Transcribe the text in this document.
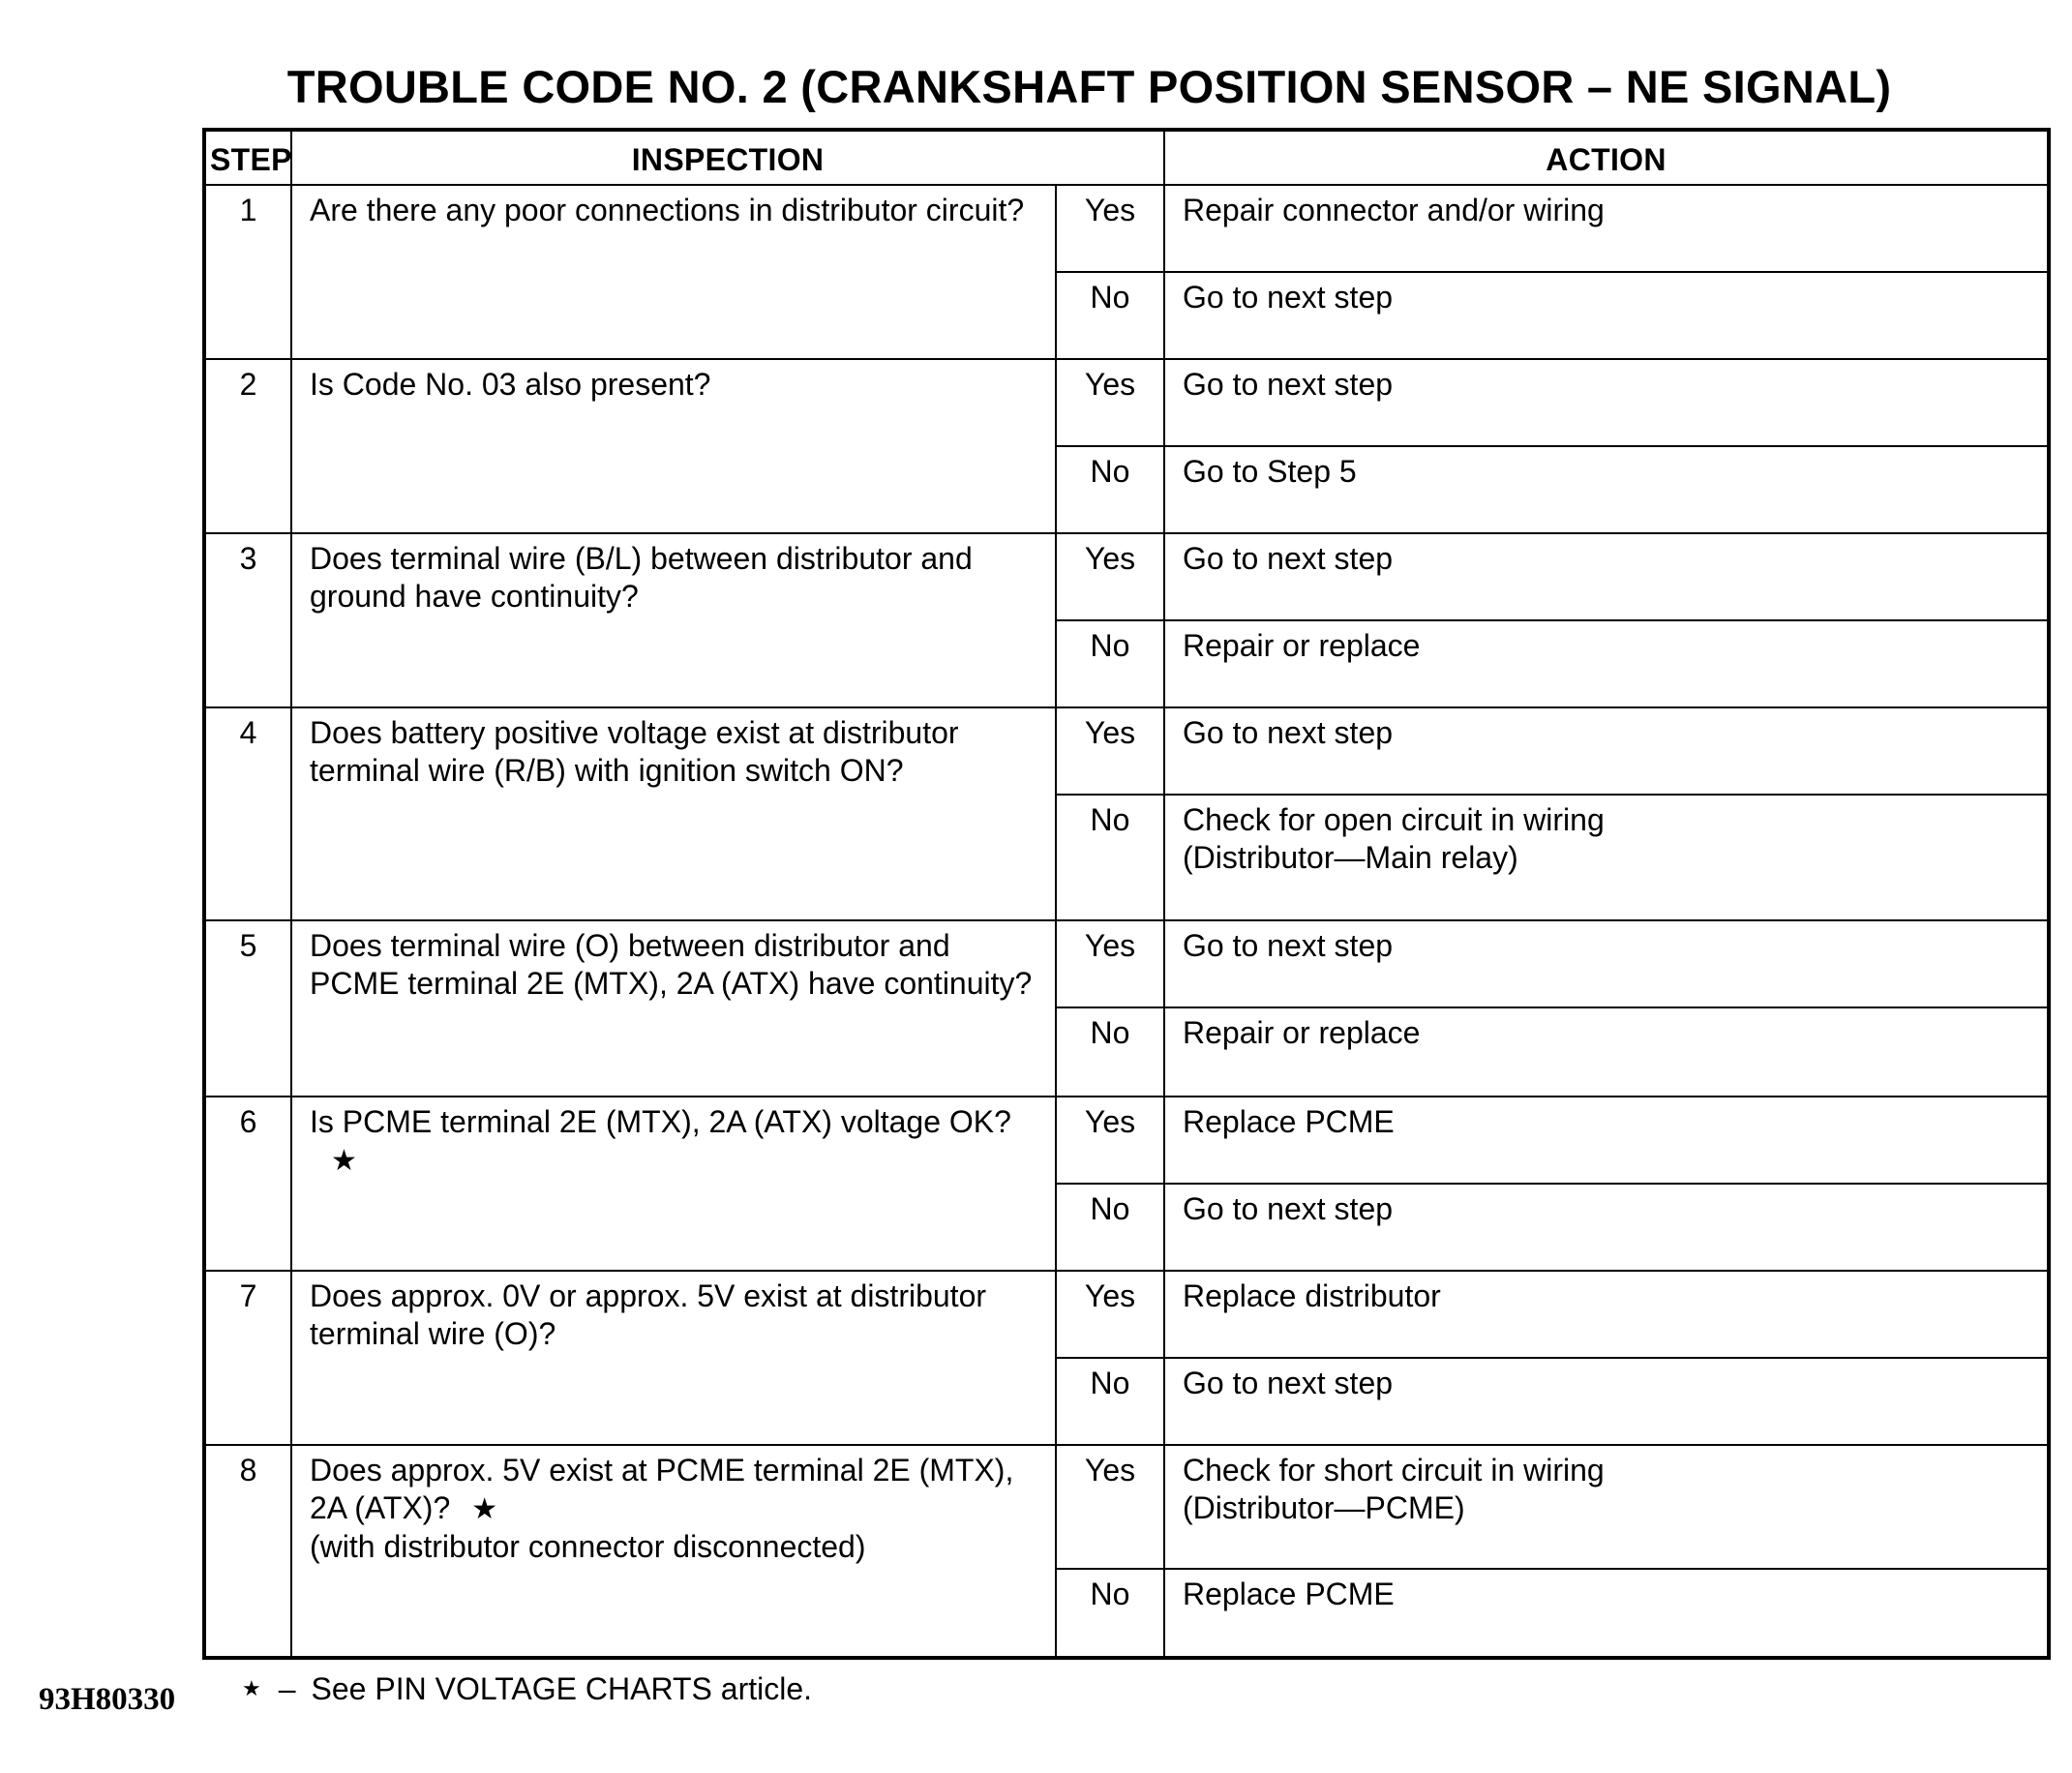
TROUBLE CODE NO. 2 (CRANKSHAFT POSITION SENSOR – NE SIGNAL)
STEP	INSPECTION		ACTION
1	Are there any poor connections in distributor circuit?	Yes	Repair connector and/or wiring

		No	Go to next step

2	Is Code No. 03 also present?	Yes	Go to next step

		No	Go to Step 5

3	Does terminal wire (B/L) between distributor and ground have continuity?	Yes	Go to next step

		No	Repair or replace

4	Does battery positive voltage exist at distributor terminal wire (R/B) with ignition switch ON?	Yes	Go to next step

		No	Check for open circuit in wiring
(Distributor—Main relay)

5	Does terminal wire (O) between distributor and PCME terminal 2E (MTX), 2A (ATX) have continuity?	Yes	Go to next step

		No	Repair or replace

6	Is PCME terminal 2E (MTX), 2A (ATX) voltage OK?★	Yes	Replace PCME

		No	Go to next step

7	Does approx. 0V or approx. 5V exist at distributor terminal wire (O)?	Yes	Replace distributor

		No	Go to next step

8	Does approx. 5V exist at PCME terminal 2E (MTX), 2A (ATX)? ★
(with distributor connector disconnected)	Yes	Check for short circuit in wiring
(Distributor—PCME)

		No	Replace PCME
★ – See PIN VOLTAGE CHARTS article.
93H80330
